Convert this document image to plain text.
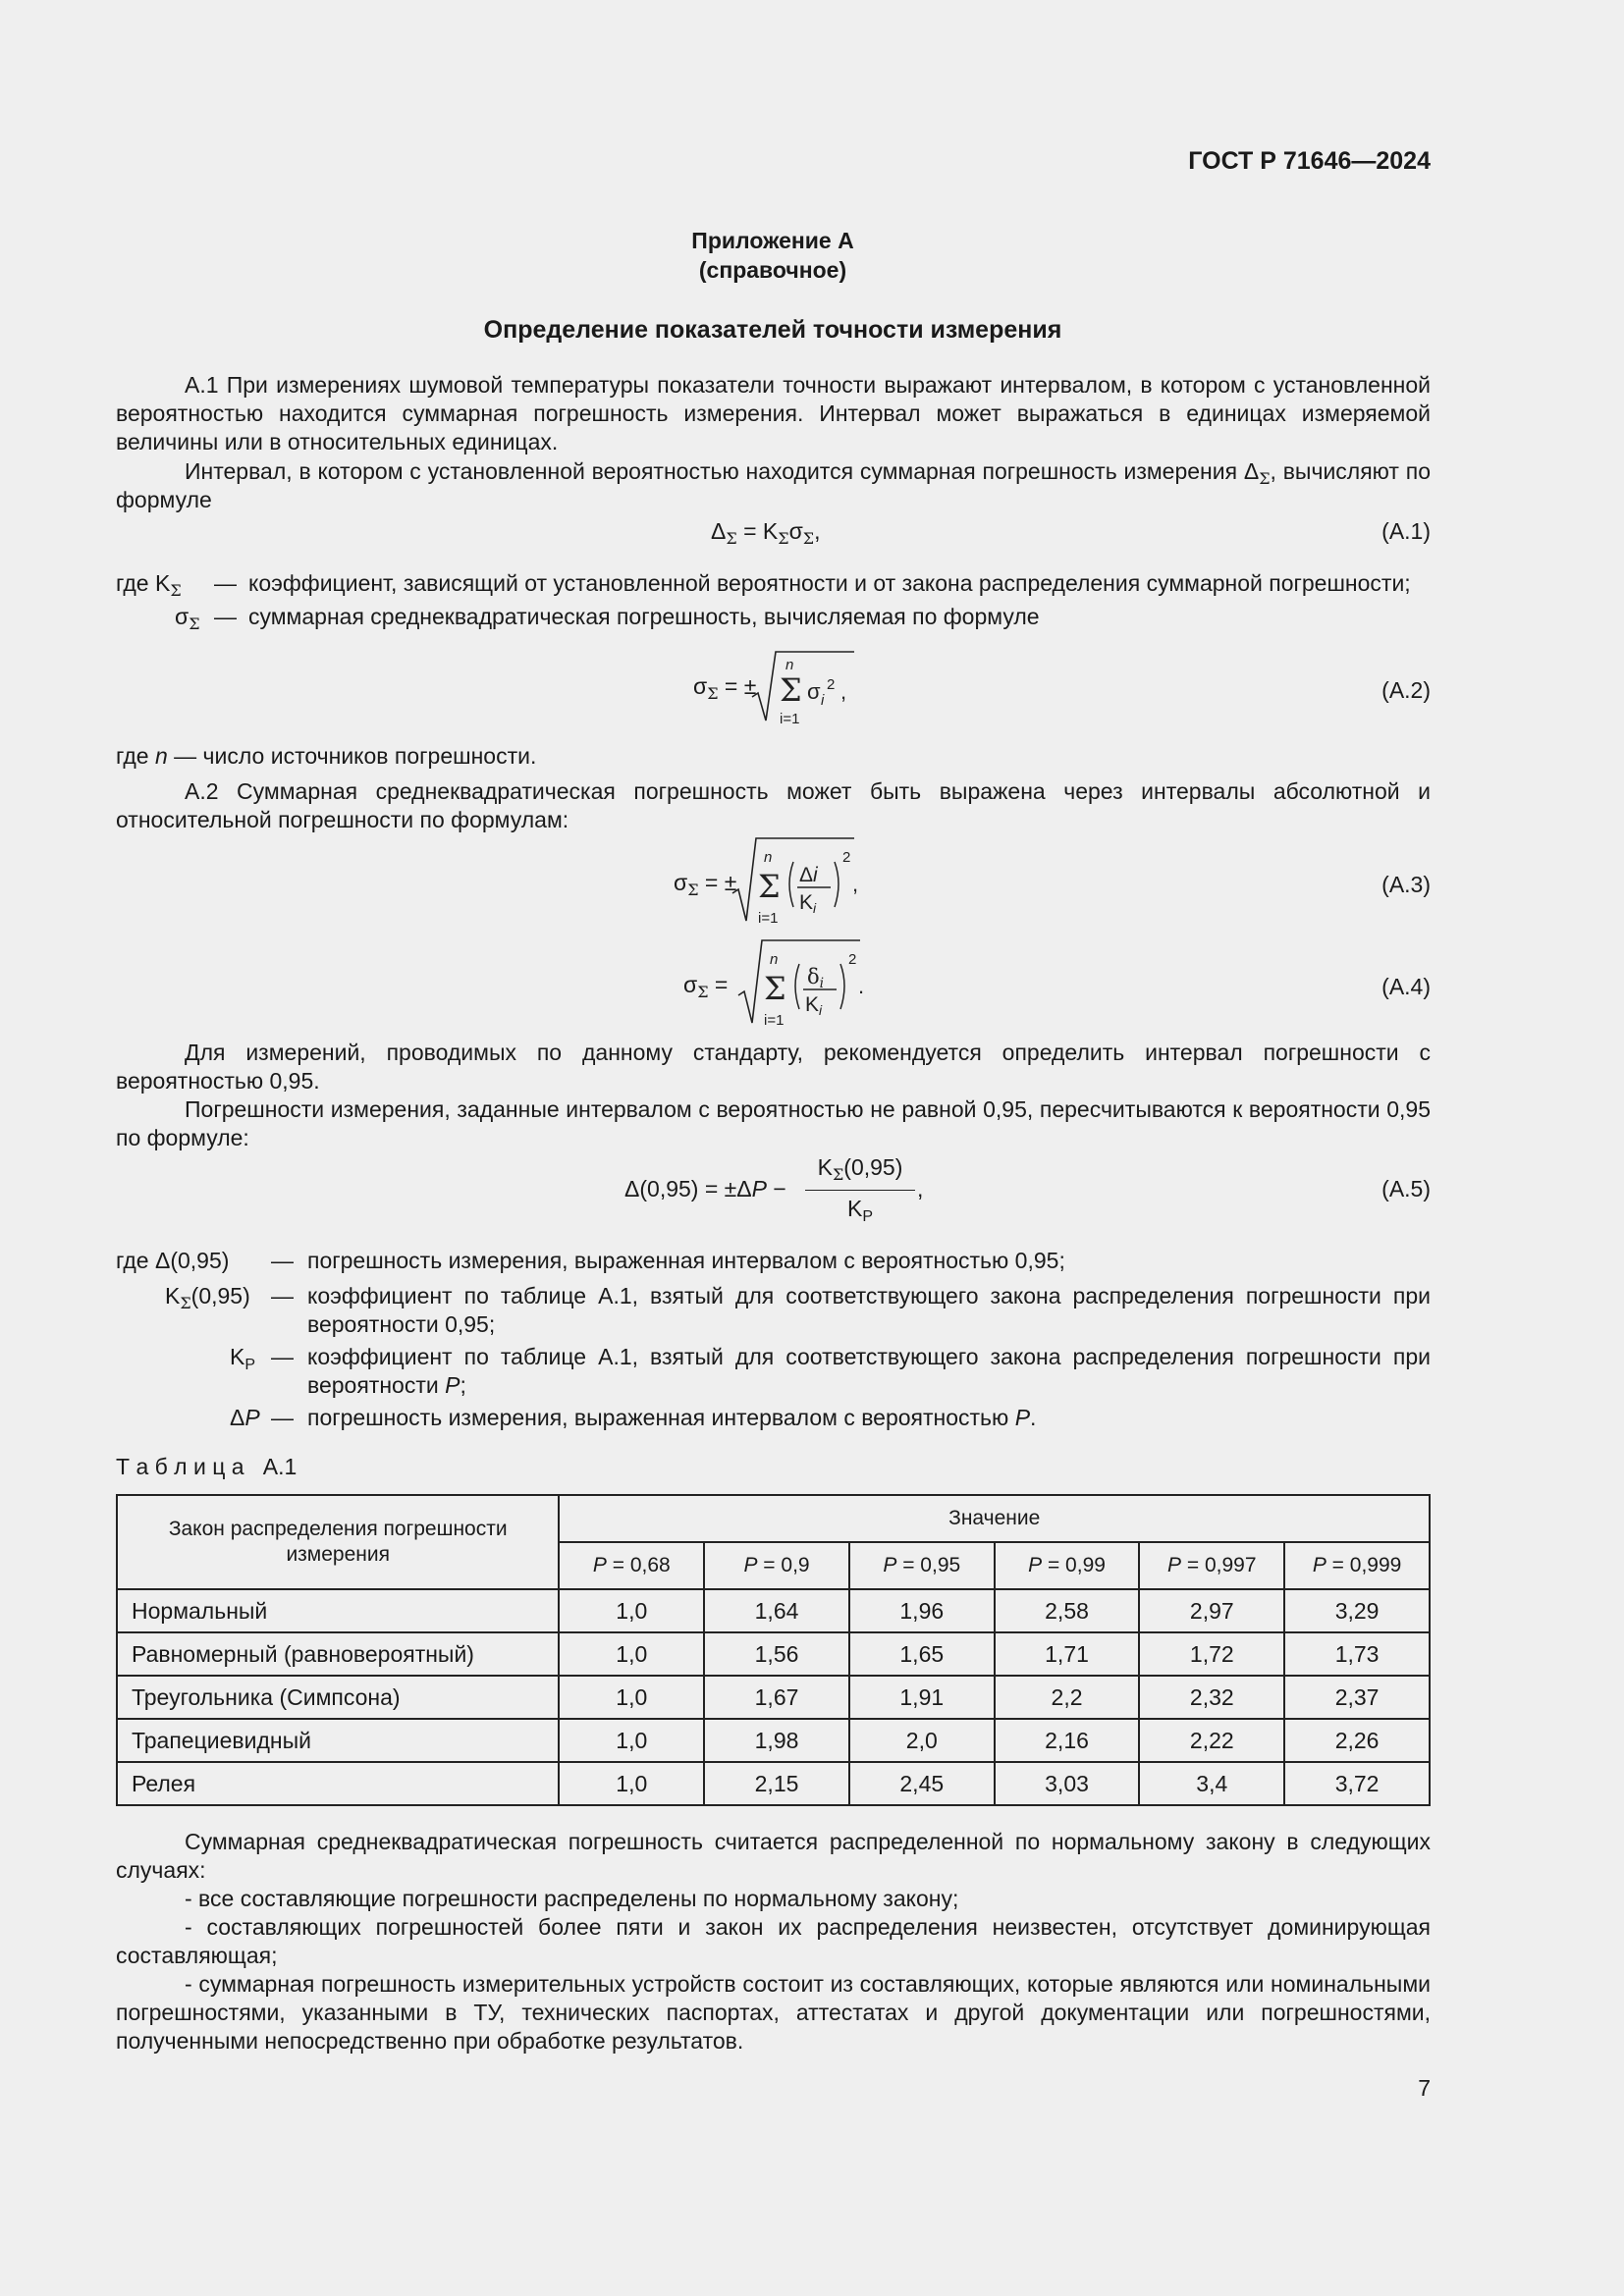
ГОСТ Р 71646—2024
Приложение А
(справочное)
Определение показателей точности измерения
А.1 При измерениях шумовой температуры показатели точности выражают интервалом, в котором с установленной вероятностью находится суммарная погрешность измерения. Интервал может выражаться в единицах измеряемой величины или в относительных единицах.
Интервал, в котором с установленной вероятностью находится суммарная погрешность измерения $\Delta_\Sigma$, вычисляют по формуле
$\Delta_\Sigma = K_\Sigma\sigma_\Sigma$,	(А.1)
где $K_\Sigma$ — коэффициент, зависящий от установленной вероятности и от закона распределения суммарной погрешности;
$\sigma_\Sigma$ — суммарная среднеквадратическая погрешность, вычисляемая по формуле
$\sigma_\Sigma$ = ± Σ
n
i=1
σ i
2 ,	(А.2)
где n — число источников погрешности.
А.2 Суммарная среднеквадратическая погрешность может быть выражена через интервалы абсолютной и относительной погрешности по формулам:
$\sigma_\Sigma$ = ± Σ
n
i=1
Δi
Ki
2
,	(А.3)
$\sigma_\Sigma = \Sigma$
n
i=1
δi
Ki
2
.	(А.4)
Для измерений, проводимых по данному стандарту, рекомендуется определить интервал погрешности с вероятностью 0,95.
Погрешности измерения, заданные интервалом с вероятностью не равной 0,95, пересчитываются к вероятности 0,95 по формуле:
Δ(0,95) = ±ΔP −
$K_\Sigma(0,95)$
$K_P$
,	(А.5)
где Δ(0,95) — погрешность измерения, выраженная интервалом с вероятностью 0,95;
$K_\Sigma(0,95)$ — коэффициент по таблице А.1, взятый для соответствующего закона распределения погрешности при вероятности 0,95;
$K_P$ — коэффициент по таблице А.1, взятый для соответствующего закона распределения погрешности при вероятности P;
ΔP — погрешность измерения, выраженная интервалом с вероятностью P.
Т а б л и ц а   А.1
Закон распределения погрешности измерения	Значение					
	P = 0,68	P = 0,9	P = 0,95	P = 0,99	P = 0,997	P = 0,999
Нормальный	1,0	1,64	1,96	2,58	2,97	3,29
Равномерный (равновероятный)	1,0	1,56	1,65	1,71	1,72	1,73
Треугольника (Симпсона)	1,0	1,67	1,91	2,2	2,32	2,37
Трапециевидный	1,0	1,98	2,0	2,16	2,22	2,26
Релея	1,0	2,15	2,45	3,03	3,4	3,72
Суммарная среднеквадратическая погрешность считается распределенной по нормальному закону в следующих случаях:
- все составляющие погрешности распределены по нормальному закону;
- составляющих погрешностей более пяти и закон их распределения неизвестен, отсутствует доминирующая составляющая;
- суммарная погрешность измерительных устройств состоит из составляющих, которые являются или номинальными погрешностями, указанными в ТУ, технических паспортах, аттестатах и другой документации или погрешностями, полученными непосредственно при обработке результатов.
7
